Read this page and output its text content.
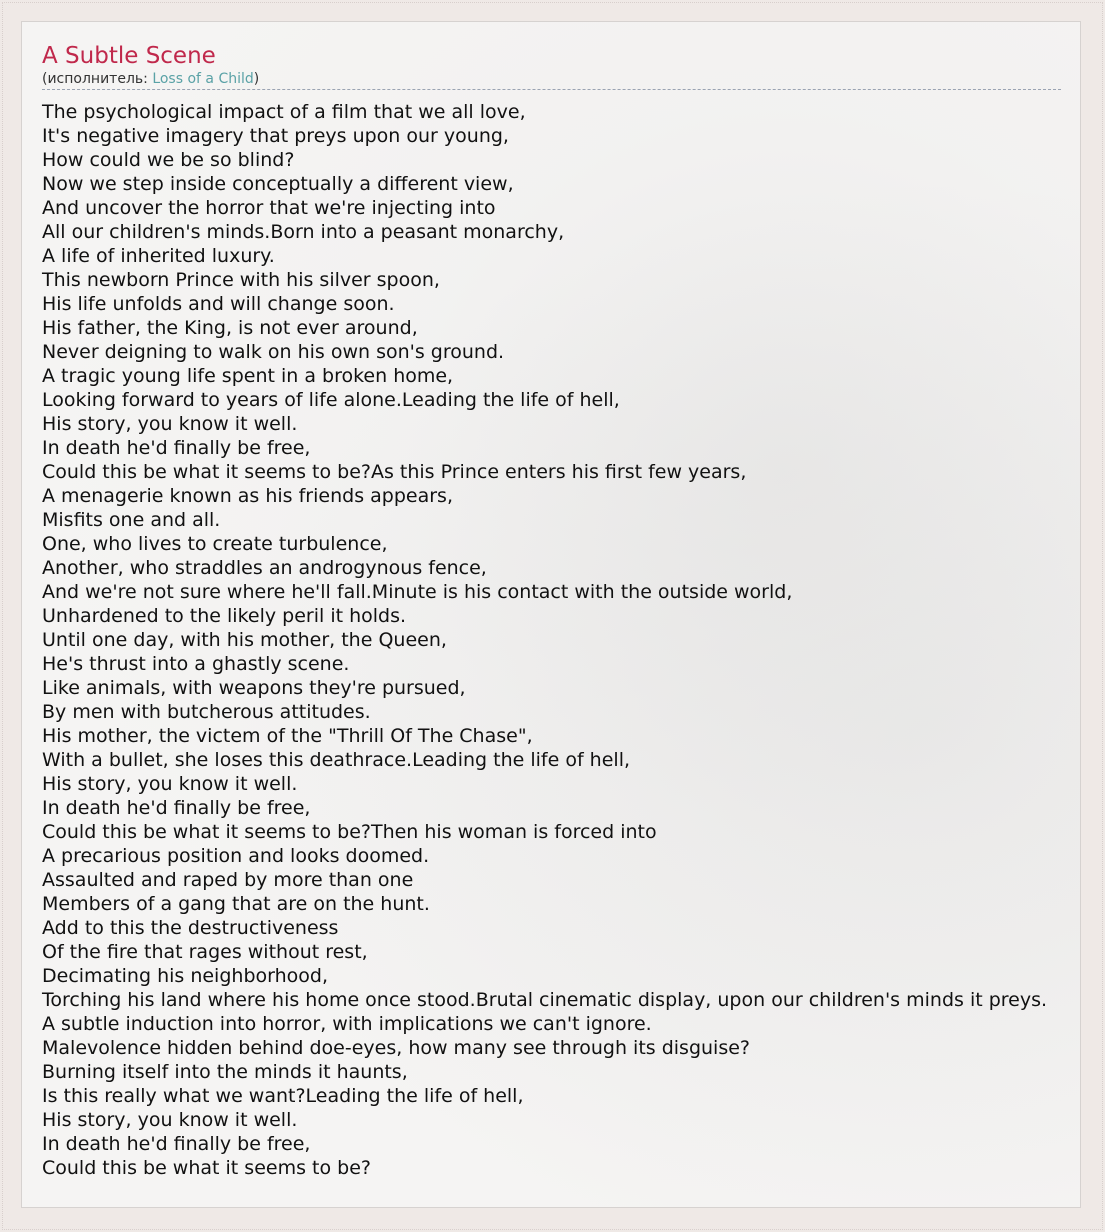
A Subtle Scene
(исполнитель: Loss of a Child)
The psychological impact of a film that we all love,
It's negative imagery that preys upon our young,
How could we be so blind?
Now we step inside conceptually a different view,
And uncover the horror that we're injecting into
All our children's minds.Born into a peasant monarchy,
A life of inherited luxury.
This newborn Prince with his silver spoon,
His life unfolds and will change soon.
His father, the King, is not ever around,
Never deigning to walk on his own son's ground.
A tragic young life spent in a broken home,
Looking forward to years of life alone.Leading the life of hell,
His story, you know it well.
In death he'd finally be free,
Could this be what it seems to be?As this Prince enters his first few years,
A menagerie known as his friends appears,
Misfits one and all.
One, who lives to create turbulence,
Another, who straddles an androgynous fence,
And we're not sure where he'll fall.Minute is his contact with the outside world,
Unhardened to the likely peril it holds.
Until one day, with his mother, the Queen,
He's thrust into a ghastly scene.
Like animals, with weapons they're pursued,
By men with butcherous attitudes.
His mother, the victem of the "Thrill Of The Chase",
With a bullet, she loses this deathrace.Leading the life of hell,
His story, you know it well.
In death he'd finally be free,
Could this be what it seems to be?Then his woman is forced into
A precarious position and looks doomed.
Assaulted and raped by more than one
Members of a gang that are on the hunt.
Add to this the destructiveness
Of the fire that rages without rest,
Decimating his neighborhood,
Torching his land where his home once stood.Brutal cinematic display, upon our children's minds it preys.
A subtle induction into horror, with implications we can't ignore.
Malevolence hidden behind doe-eyes, how many see through its disguise?
Burning itself into the minds it haunts,
Is this really what we want?Leading the life of hell,
His story, you know it well.
In death he'd finally be free,
Could this be what it seems to be?
